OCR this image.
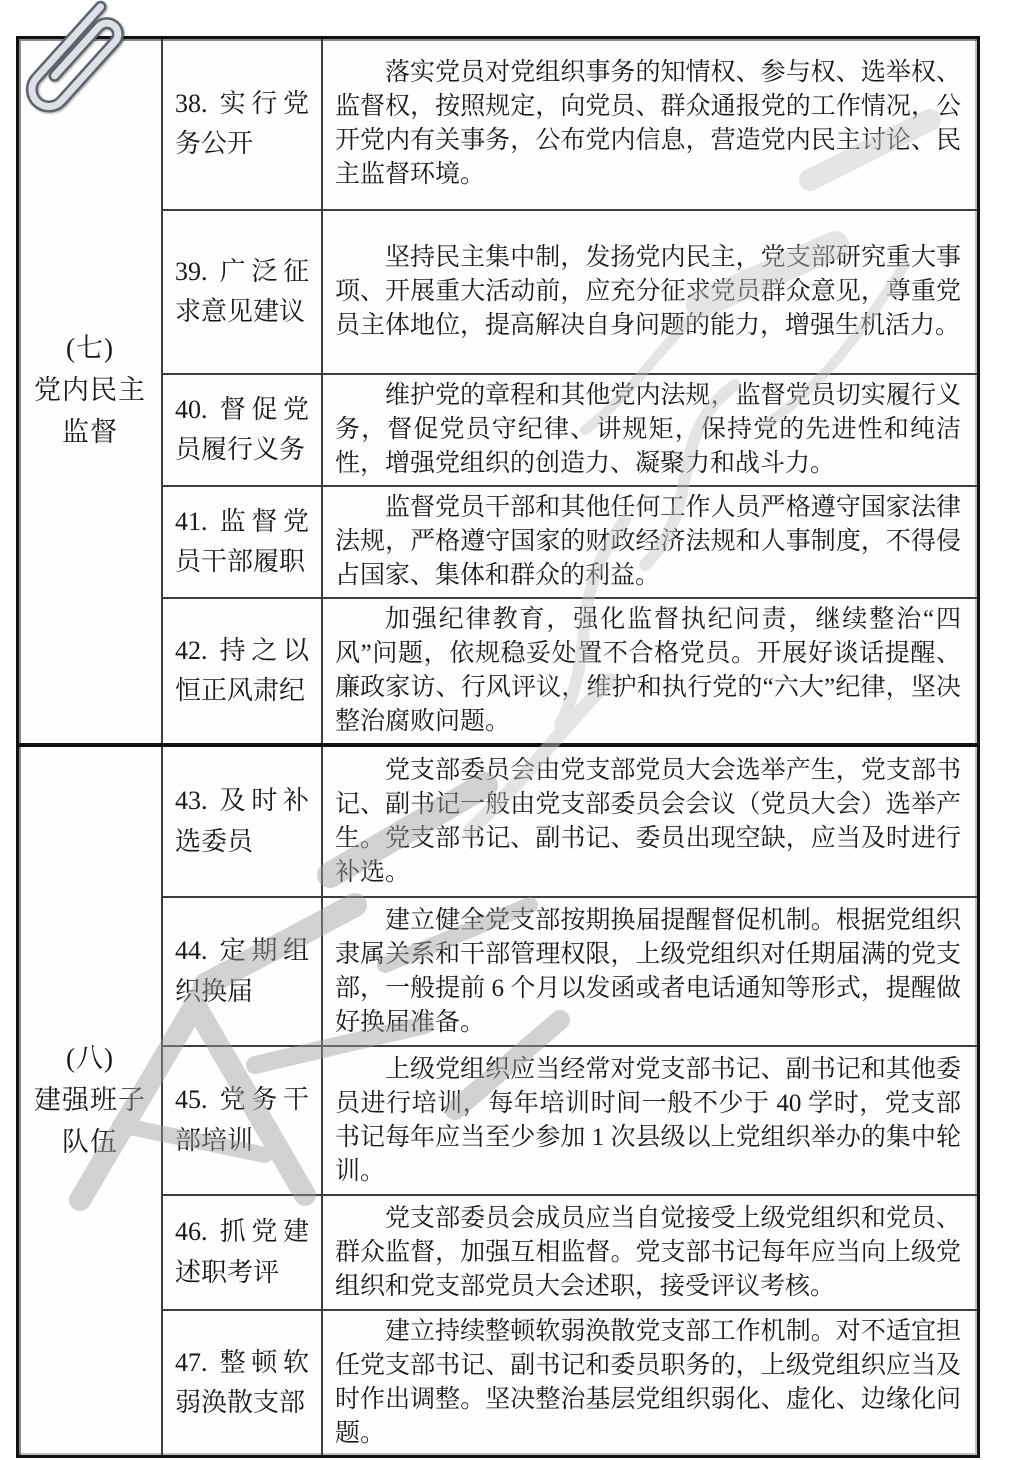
(七)
党内民主
监督
38. 实行党务公开

落实党员对党组织事务的知情权、参与权、选举权、监督权，按照规定，向党员、群众通报党的工作情况，公开党内有关事务，公布党内信息，营造党内民主讨论、民主监督环境。

39. 广泛征求意见建议

坚持民主集中制，发扬党内民主，党支部研究重大事项、开展重大活动前，应充分征求党员群众意见，尊重党员主体地位，提高解决自身问题的能力，增强生机活力。

40. 督促党员履行义务

维护党的章程和其他党内法规，监督党员切实履行义务，督促党员守纪律、讲规矩，保持党的先进性和纯洁性，增强党组织的创造力、凝聚力和战斗力。

41. 监督党员干部履职

监督党员干部和其他任何工作人员严格遵守国家法律法规，严格遵守国家的财政经济法规和人事制度，不得侵占国家、集体和群众的利益。

42. 持之以恒正风肃纪

加强纪律教育，强化监督执纪问责，继续整治“四风”问题，依规稳妥处置不合格党员。开展好谈话提醒、廉政家访、行风评议，维护和执行党的“六大”纪律，坚决整治腐败问题。

(八)
建强班子
队伍
43. 及时补选委员

党支部委员会由党支部党员大会选举产生，党支部书记、副书记一般由党支部委员会会议（党员大会）选举产生。党支部书记、副书记、委员出现空缺，应当及时进行补选。

44. 定期组织换届

建立健全党支部按期换届提醒督促机制。根据党组织隶属关系和干部管理权限，上级党组织对任期届满的党支部，一般提前 6 个月以发函或者电话通知等形式，提醒做好换届准备。

45. 党务干部培训

上级党组织应当经常对党支部书记、副书记和其他委员进行培训，每年培训时间一般不少于 40 学时，党支部书记每年应当至少参加 1 次县级以上党组织举办的集中轮训。

46. 抓党建述职考评

党支部委员会成员应当自觉接受上级党组织和党员、群众监督，加强互相监督。党支部书记每年应当向上级党组织和党支部党员大会述职，接受评议考核。

47. 整顿软弱涣散支部

建立持续整顿软弱涣散党支部工作机制。对不适宜担任党支部书记、副书记和委员职务的，上级党组织应当及时作出调整。坚决整治基层党组织弱化、虚化、边缘化问题。
